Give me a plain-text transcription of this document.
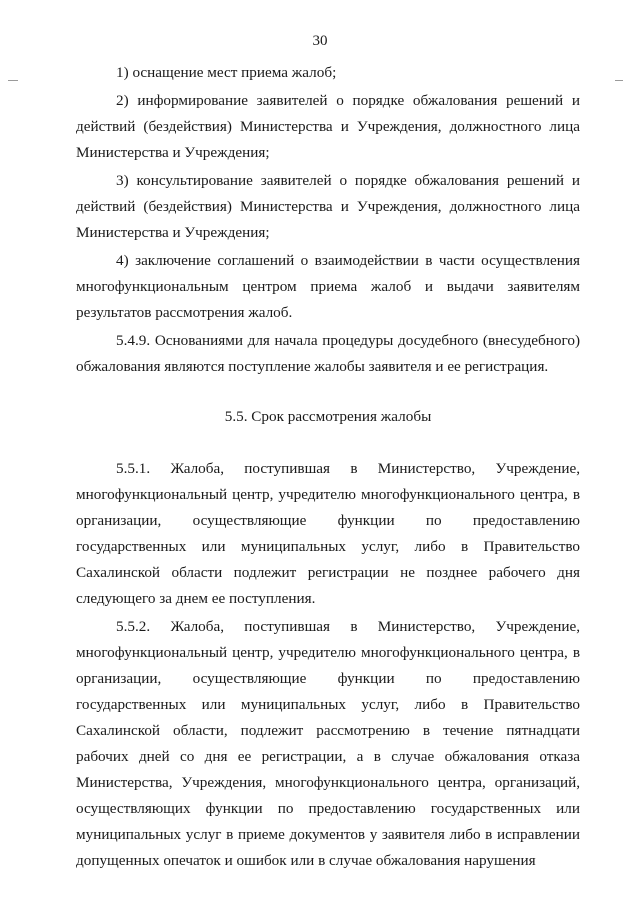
30

1) оснащение мест приема жалоб;

2) информирование заявителей о порядке обжалования решений и действий (бездействия) Министерства и Учреждения, должностного лица Министерства и Учреждения;

3) консультирование заявителей о порядке обжалования решений и действий (бездействия) Министерства и Учреждения, должностного лица Министерства и Учреждения;

4) заключение соглашений о взаимодействии в части осуществления многофункциональным центром приема жалоб и выдачи заявителям результатов рассмотрения жалоб.

5.4.9. Основаниями для начала процедуры досудебного (внесудебного) обжалования являются поступление жалобы заявителя и ее регистрация.

5.5. Срок рассмотрения жалобы

5.5.1. Жалоба, поступившая в Министерство, Учреждение, многофункциональный центр, учредителю многофункционального центра, в организации, осуществляющие функции по предоставлению государственных или муниципальных услуг, либо в Правительство Сахалинской области подлежит регистрации не позднее рабочего дня следующего за днем ее поступления.

5.5.2. Жалоба, поступившая в Министерство, Учреждение, многофункциональный центр, учредителю многофункционального центра, в организации, осуществляющие функции по предоставлению государственных или муниципальных услуг, либо в Правительство Сахалинской области, подлежит рассмотрению в течение пятнадцати рабочих дней со дня ее регистрации, а в случае обжалования отказа Министерства, Учреждения, многофункционального центра, организаций, осуществляющих функции по предоставлению государственных или муниципальных услуг в приеме документов у заявителя либо в исправлении допущенных опечаток и ошибок или в случае обжалования нарушения
